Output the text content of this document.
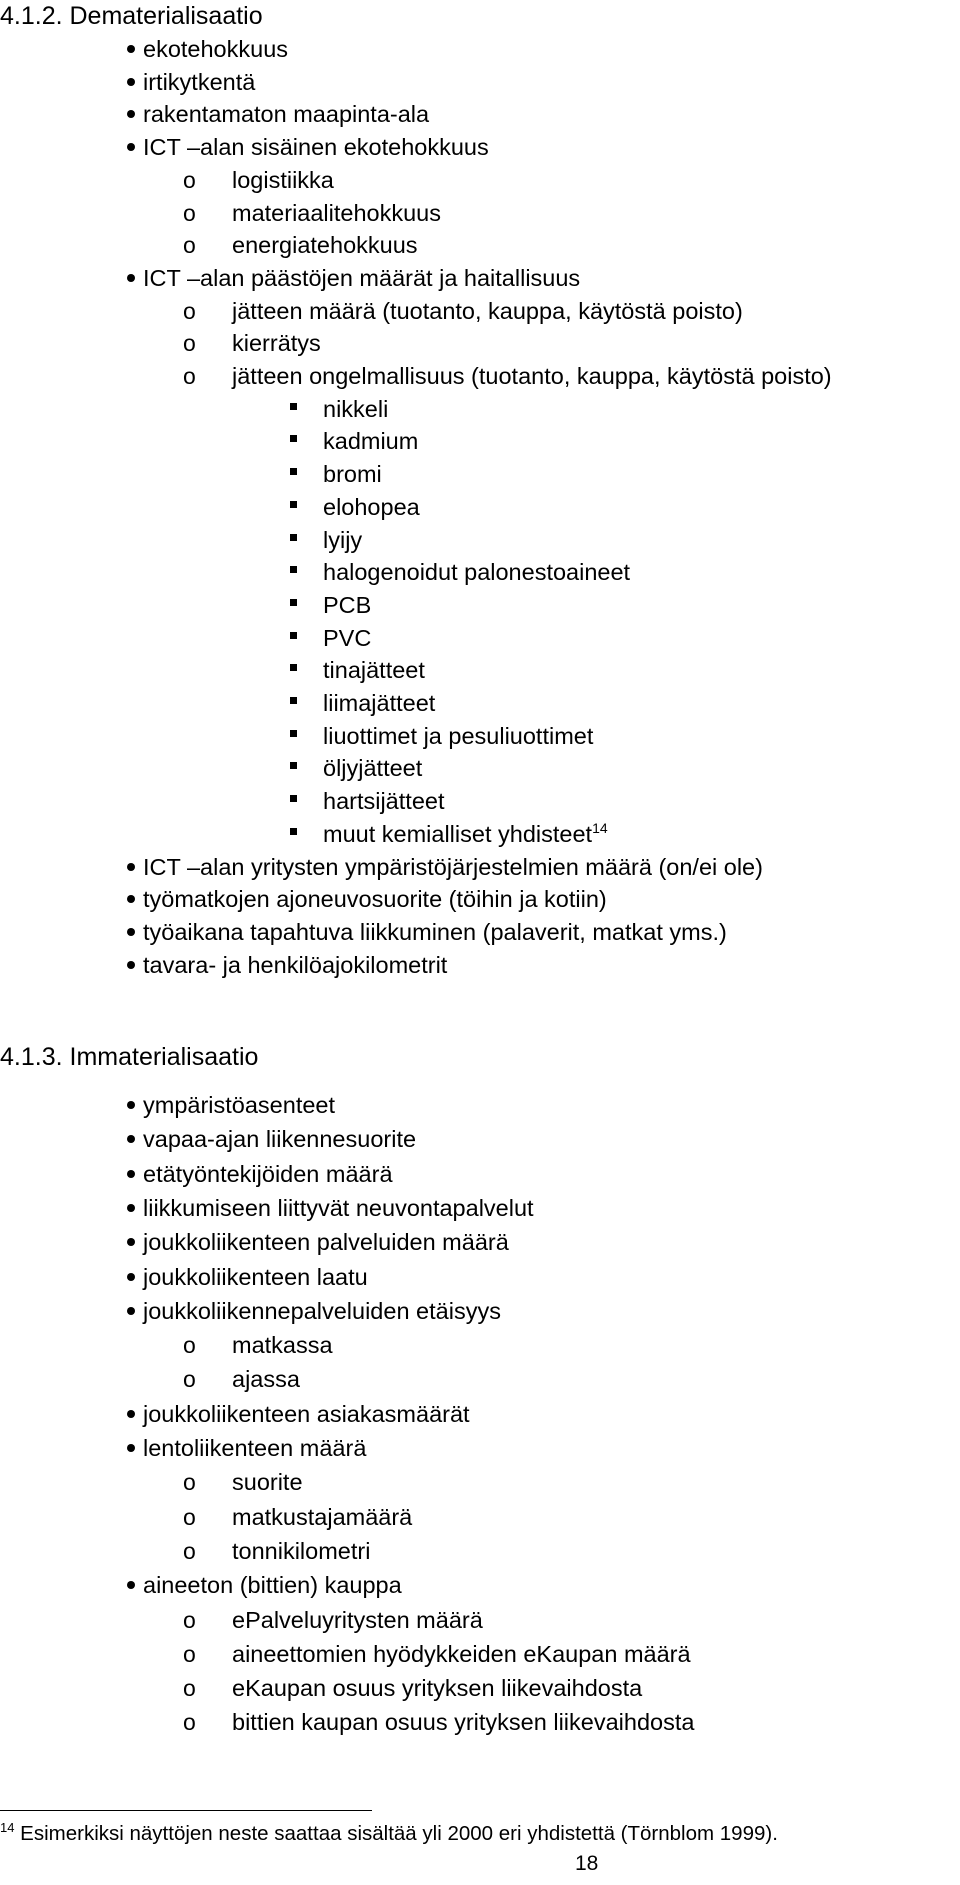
4.1.2. Dematerialisaatio
ekotehokkuus
irtikytkentä
rakentamaton maapinta-ala
ICT –alan sisäinen ekotehokkuus
o logistiikka
o materiaalitehokkuus
o energiatehokkuus
ICT –alan päästöjen määrät ja haitallisuus
o jätteen määrä (tuotanto, kauppa, käytöstä poisto)
o kierrätys
o jätteen ongelmallisuus (tuotanto, kauppa, käytöstä poisto)
nikkeli
kadmium
bromi
elohopea
lyijy
halogenoidut palonestoaineet
PCB
PVC
tinajätteet
liimajätteet
liuottimet ja pesuliuottimet
öljyjätteet
hartsijätteet
muut kemialliset yhdisteet$^{14}$
ICT –alan yritysten ympäristöjärjestelmien määrä (on/ei ole)
työmatkojen ajoneuvosuorite (töihin ja kotiin)
työaikana tapahtuva liikkuminen (palaverit, matkat yms.)
tavara- ja henkilöajokilometrit
4.1.3. Immaterialisaatio
ympäristöasenteet
vapaa-ajan liikennesuorite
etätyöntekijöiden määrä
liikkumiseen liittyvät neuvontapalvelut
joukkoliikenteen palveluiden määrä
joukkoliikenteen laatu
joukkoliikennepalveluiden etäisyys
o matkassa
o ajassa
joukkoliikenteen asiakasmäärät
lentoliikenteen määrä
o suorite
o matkustajamäärä
o tonnikilometri
aineeton (bittien) kauppa
o ePalveluyritysten määrä
o aineettomien hyödykkeiden eKaupan määrä
o eKaupan osuus yrityksen liikevaihdosta
o bittien kaupan osuus yrityksen liikevaihdosta
$^{14}$ Esimerkiksi näyttöjen neste saattaa sisältää yli 2000 eri yhdistettä (Törnblom 1999).
18
